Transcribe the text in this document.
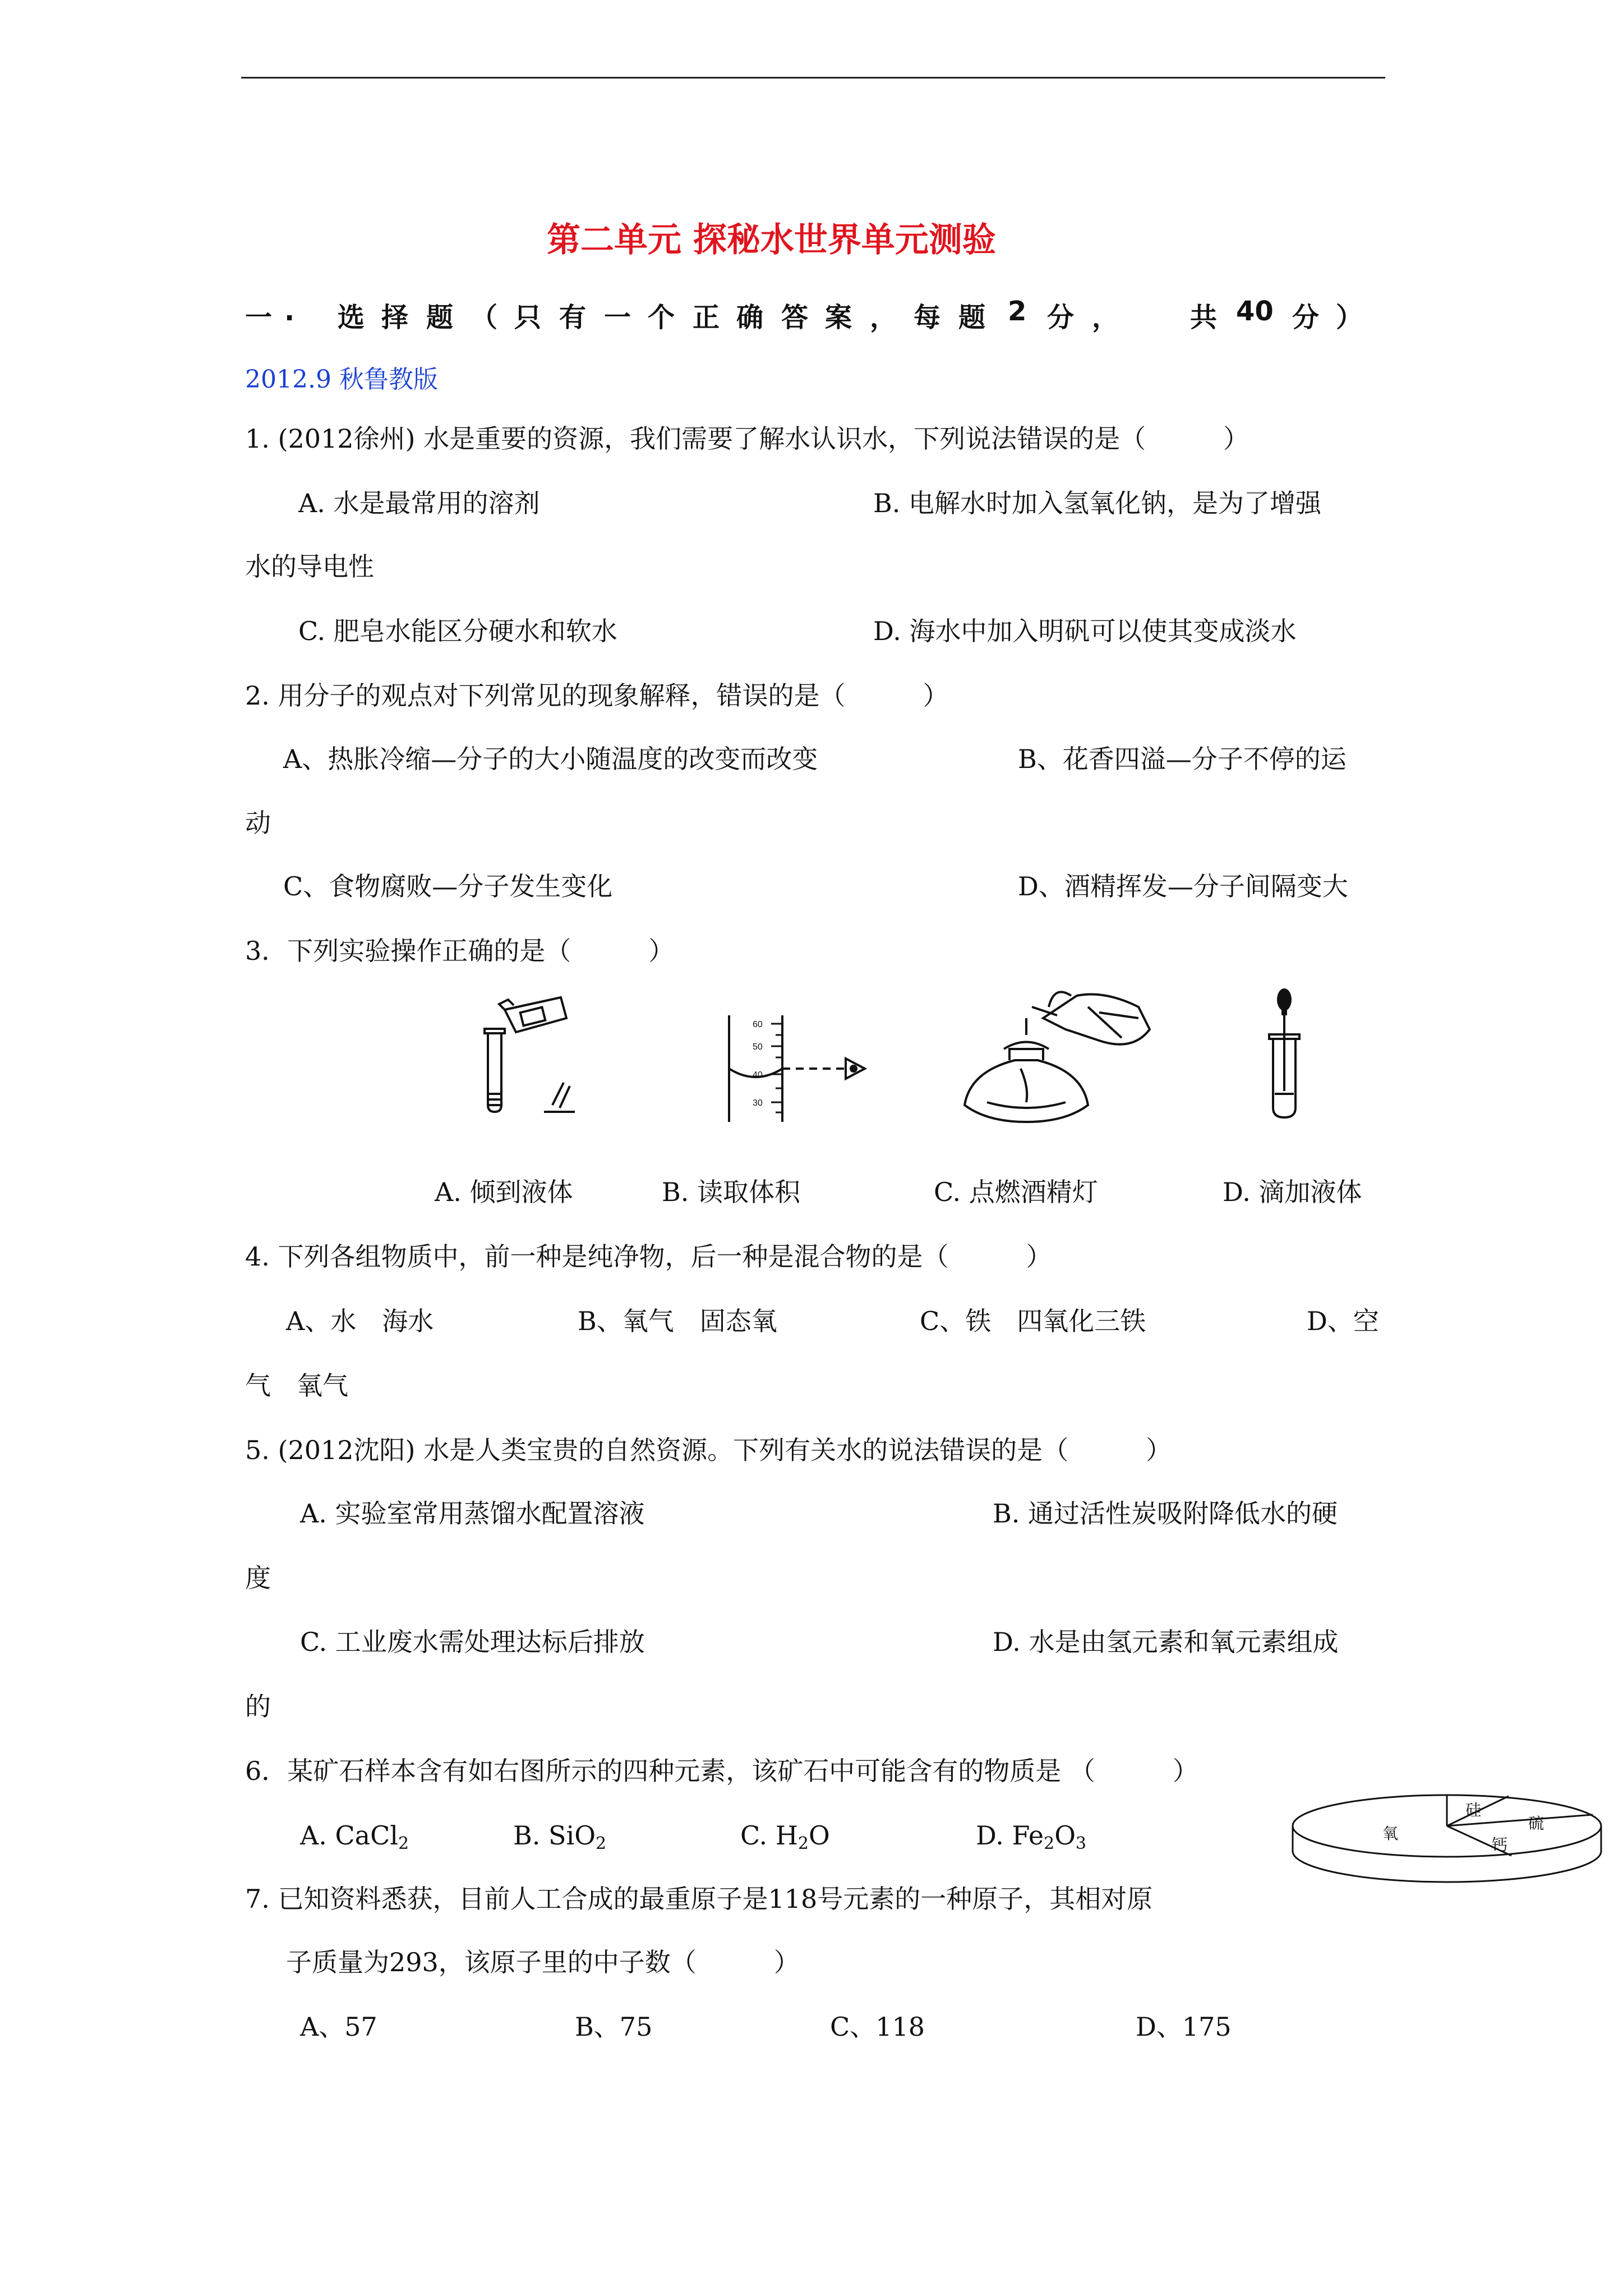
第二单元 探秘水世界单元测验
一 . 选 择 题 （ 只 有 一 个 正 确 答 案 ， 每 题 2 分 ，	共 40 分 ）
2012.9 秋鲁教版
1. (2012徐州) 水是重要的资源，我们需要了解水认识水，下列说法错误的是（　　　）
A. 水是最常用的溶剂	B. 电解水时加入氢氧化钠，是为了增强
水的导电性
C. 肥皂水能区分硬水和软水	D. 海水中加入明矾可以使其变成淡水
2. 用分子的观点对下列常见的现象解释，错误的是（　　　）
A、热胀冷缩—分子的大小随温度的改变而改变	B、花香四溢—分子不停的运
动
C、食物腐败—分子发生变化	D、酒精挥发—分子间隔变大
3．下列实验操作正确的是（　　　）
60
50
40
30
A. 倾到液体	B. 读取体积	C. 点燃酒精灯	D. 滴加液体
4. 下列各组物质中，前一种是纯净物，后一种是混合物的是（　　　）
A、水　海水	B、氧气　固态氧	C、铁　四氧化三铁	D、空
气　氧气
5. (2012沈阳) 水是人类宝贵的自然资源。下列有关水的说法错误的是（　　　）
A. 实验室常用蒸馏水配置溶液	B. 通过活性炭吸附降低水的硬
度
C. 工业废水需处理达标后排放	D. 水是由氢元素和氧元素组成
的
6．某矿石样本含有如右图所示的四种元素，该矿石中可能含有的物质是 （　　　）
A. CaCl$_2$	B. SiO$_2$	C. $H_2O$	D. $Fe_2O_3$
氧
硅
硫
钙
7. 已知资料悉获，目前人工合成的最重原子是118号元素的一种原子，其相对原
子质量为293，该原子里的中子数（　　　）
A、57	B、75	C、118	D、175
